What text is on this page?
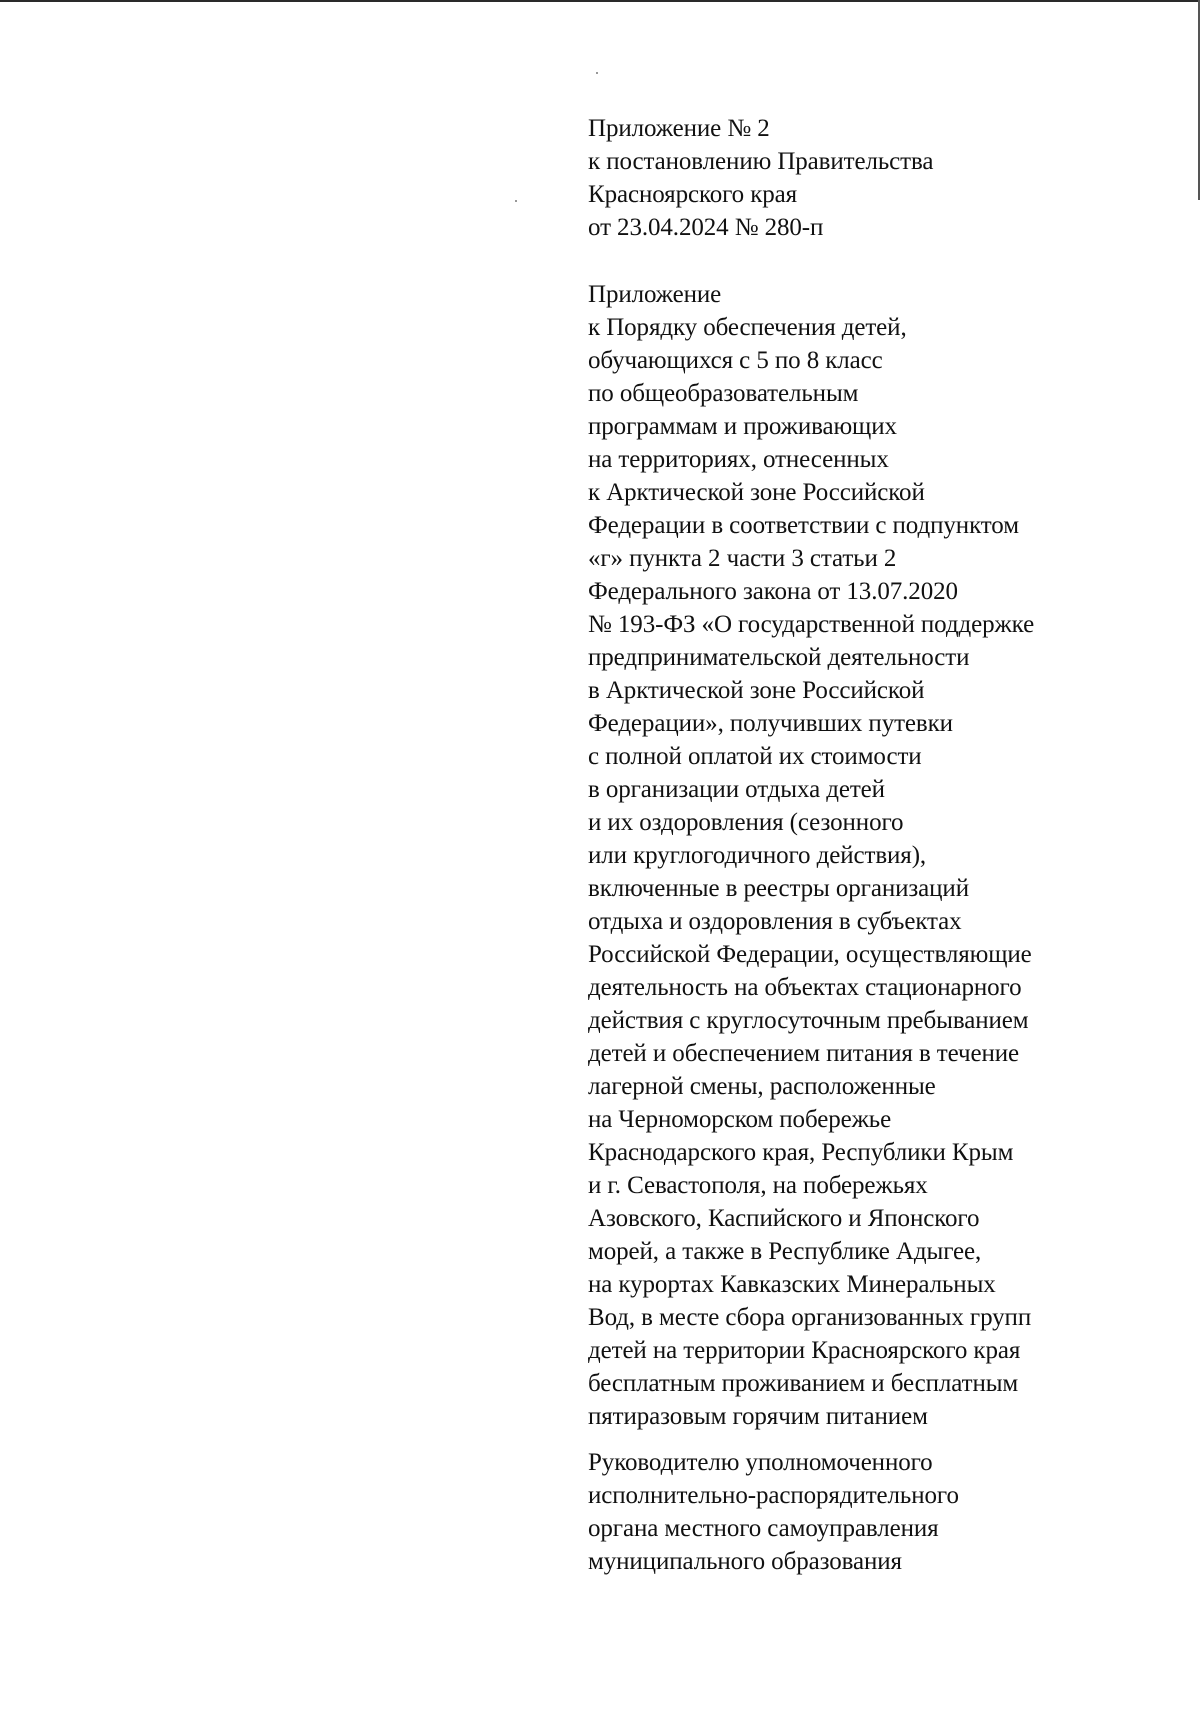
Приложение № 2
к постановлению Правительства
Красноярского края
от 23.04.2024 № 280-п
Приложение
к Порядку обеспечения детей,
обучающихся с 5 по 8 класс
по общеобразовательным
программам и проживающих
на территориях, отнесенных
к Арктической зоне Российской
Федерации в соответствии с подпунктом
«г» пункта 2 части 3 статьи 2
Федерального закона от 13.07.2020
№ 193-ФЗ «О государственной поддержке
предпринимательской деятельности
в Арктической зоне Российской
Федерации», получивших путевки
с полной оплатой их стоимости
в организации отдыха детей
и их оздоровления (сезонного
или круглогодичного действия),
включенные в реестры организаций
отдыха и оздоровления в субъектах
Российской Федерации, осуществляющие
деятельность на объектах стационарного
действия с круглосуточным пребыванием
детей и обеспечением питания в течение
лагерной смены, расположенные
на Черноморском побережье
Краснодарского края, Республики Крым
и г. Севастополя, на побережьях
Азовского, Каспийского и Японского
морей, а также в Республике Адыгее,
на курортах Кавказских Минеральных
Вод, в месте сбора организованных групп
детей на территории Красноярского края
бесплатным проживанием и бесплатным
пятиразовым горячим питанием
Руководителю уполномоченного
исполнительно-распорядительного
органа местного самоуправления
муниципального образования
